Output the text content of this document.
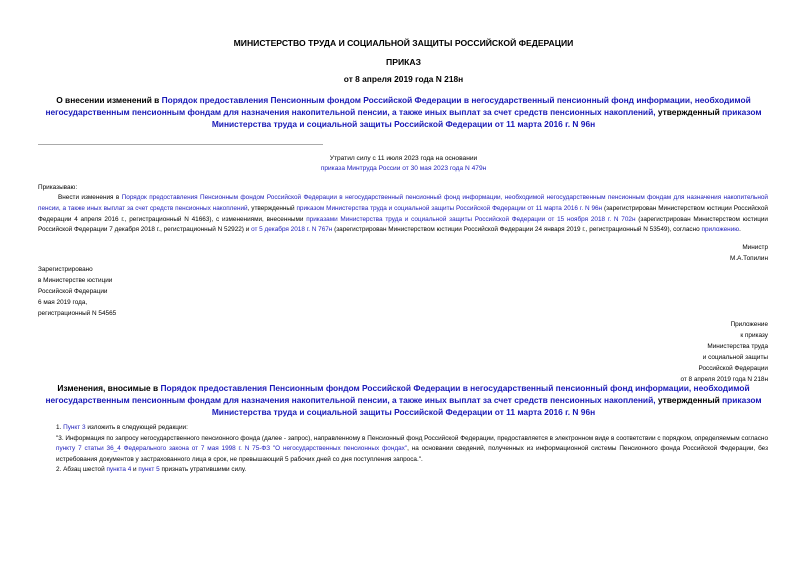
МИНИСТЕРСТВО ТРУДА И СОЦИАЛЬНОЙ ЗАЩИТЫ РОССИЙСКОЙ ФЕДЕРАЦИИ
ПРИКАЗ
от 8 апреля 2019 года N 218н
О внесении изменений в Порядок предоставления Пенсионным фондом Российской Федерации в негосударственный пенсионный фонд информации, необходимой негосударственным пенсионным фондам для назначения накопительной пенсии, а также иных выплат за счет средств пенсионных накоплений, утвержденный приказом Министерства труда и социальной защиты Российской Федерации от 11 марта 2016 г. N 96н
Утратил силу с 11 июля 2023 года на основании
приказа Минтруда России от 30 мая 2023 года N 479н
Приказываю:
Внести изменения в Порядок предоставления Пенсионным фондом Российской Федерации в негосударственный пенсионный фонд информации, необходимой негосударственным пенсионным фондам для назначения накопительной пенсии, а также иных выплат за счет средств пенсионных накоплений, утвержденный приказом Министерства труда и социальной защиты Российской Федерации от 11 марта 2016 г. N 96н (зарегистрирован Министерством юстиции Российской Федерации 4 апреля 2016 г., регистрационный N 41663), с изменениями, внесенными приказами Министерства труда и социальной защиты Российской Федерации от 15 ноября 2018 г. N 702н (зарегистрирован Министерством юстиции Российской Федерации 7 декабря 2018 г., регистрационный N 52922) и от 5 декабря 2018 г. N 767н (зарегистрирован Министерством юстиции Российской Федерации 24 января 2019 г., регистрационный N 53549), согласно приложению.
Министр
М.А.Топилин
Зарегистрировано
в Министерстве юстиции
Российской Федерации
6 мая 2019 года,
регистрационный N 54565
Приложение
к приказу
Министерства труда
и социальной защиты
Российской Федерации
от 8 апреля 2019 года N 218н
Изменения, вносимые в Порядок предоставления Пенсионным фондом Российской Федерации в негосударственный пенсионный фонд информации, необходимой негосударственным пенсионным фондам для назначения накопительной пенсии, а также иных выплат за счет средств пенсионных накоплений, утвержденный приказом Министерства труда и социальной защиты Российской Федерации от 11 марта 2016 г. N 96н
1. Пункт 3 изложить в следующей редакции:
"3. Информация по запросу негосударственного пенсионного фонда (далее - запрос), направленному в Пенсионный фонд Российской Федерации, предоставляется в электронном виде в соответствии с порядком, определяемым согласно пункту 7 статьи 36_4 Федерального закона от 7 мая 1998 г. N 75-ФЗ "О негосударственных пенсионных фондах", на основании сведений, полученных из информационной системы Пенсионного фонда Российской Федерации, без истребования документов у застрахованного лица в срок, не превышающий 5 рабочих дней со дня поступления запроса.".
2. Абзац шестой пункта 4 и пункт 5 признать утратившими силу.
